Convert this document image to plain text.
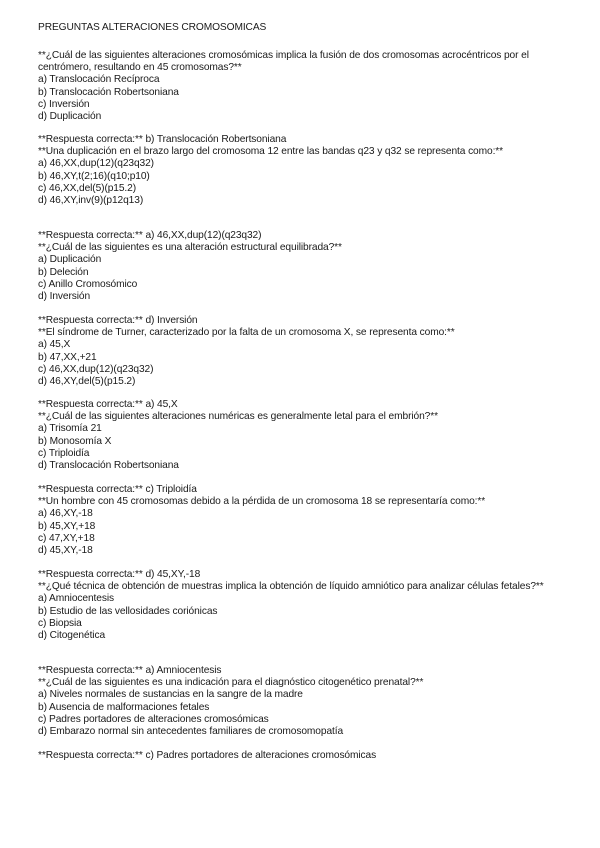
PREGUNTAS ALTERACIONES CROMOSOMICAS
**¿Cuál de las siguientes alteraciones cromosómicas implica la fusión de dos cromosomas acrocéntricos por el centrómero, resultando en 45 cromosomas?**
a) Translocación Recíproca
b) Translocación Robertsoniana
c) Inversión
d) Duplicación
**Respuesta correcta:** b) Translocación Robertsoniana
**Una duplicación en el brazo largo del cromosoma 12 entre las bandas q23 y q32 se representa como:**
a) 46,XX,dup(12)(q23q32)
b) 46,XY,t(2;16)(q10;p10)
c) 46,XX,del(5)(p15.2)
d) 46,XY,inv(9)(p12q13)
**Respuesta correcta:** a) 46,XX,dup(12)(q23q32)
**¿Cuál de las siguientes es una alteración estructural equilibrada?**
a) Duplicación
b) Deleción
c) Anillo Cromosómico
d) Inversión
**Respuesta correcta:** d) Inversión
**El síndrome de Turner, caracterizado por la falta de un cromosoma X, se representa como:**
a) 45,X
b) 47,XX,+21
c) 46,XX,dup(12)(q23q32)
d) 46,XY,del(5)(p15.2)
**Respuesta correcta:** a) 45,X
**¿Cuál de las siguientes alteraciones numéricas es generalmente letal para el embrión?**
a) Trisomía 21
b) Monosomía X
c) Triploidía
d) Translocación Robertsoniana
**Respuesta correcta:** c) Triploidía
**Un hombre con 45 cromosomas debido a la pérdida de un cromosoma 18 se representaría como:**
a) 46,XY,-18
b) 45,XY,+18
c) 47,XY,+18
d) 45,XY,-18
**Respuesta correcta:** d) 45,XY,-18
**¿Qué técnica de obtención de muestras implica la obtención de líquido amniótico para analizar células fetales?**
a) Amniocentesis
b) Estudio de las vellosidades coriónicas
c) Biopsia
d) Citogenética
**Respuesta correcta:** a) Amniocentesis
**¿Cuál de las siguientes es una indicación para el diagnóstico citogenético prenatal?**
a) Niveles normales de sustancias en la sangre de la madre
b) Ausencia de malformaciones fetales
c) Padres portadores de alteraciones cromosómicas
d) Embarazo normal sin antecedentes familiares de cromosomopatía
**Respuesta correcta:** c) Padres portadores de alteraciones cromosómicas
